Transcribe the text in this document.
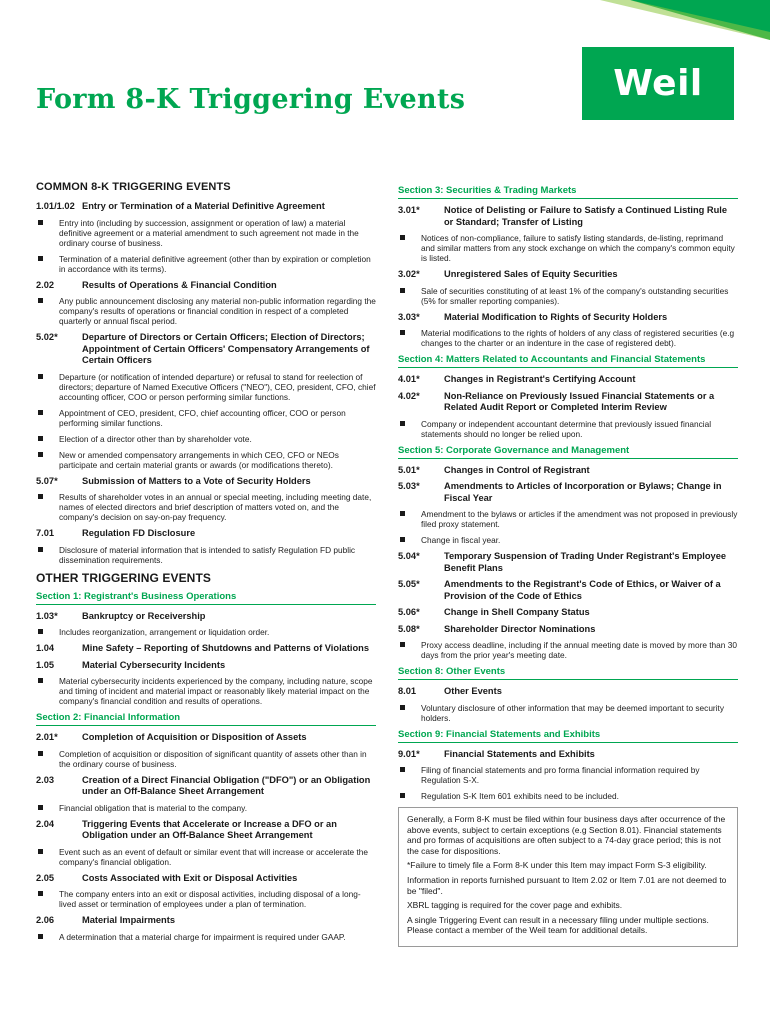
Weil
Form 8-K Triggering Events
COMMON 8-K TRIGGERING EVENTS
1.01/1.02 Entry or Termination of a Material Definitive Agreement
Entry into (including by succession, assignment or operation of law) a material definitive agreement or a material amendment to such agreement not made in the ordinary course of business.
Termination of a material definitive agreement (other than by expiration or completion in accordance with its terms).
2.02	Results of Operations & Financial Condition
Any public announcement disclosing any material non-public information regarding the company's results of operations or financial condition in respect of a completed quarterly or annual fiscal period.
5.02*	Departure of Directors or Certain Officers; Election of Directors; Appointment of Certain Officers' Compensatory Arrangements of Certain Officers
Departure (or notification of intended departure) or refusal to stand for reelection of directors; departure of Named Executive Officers ("NEO"), CEO, president, CFO, chief accounting officer, COO or person performing similar functions.
Appointment of CEO, president, CFO, chief accounting officer, COO or person performing similar functions.
Election of a director other than by shareholder vote.
New or amended compensatory arrangements in which CEO, CFO or NEOs participate and certain material grants or awards (or modifications thereto).
5.07*	Submission of Matters to a Vote of Security Holders
Results of shareholder votes in an annual or special meeting, including meeting date, names of elected directors and brief description of matters voted on, and the company's decision on say-on-pay frequency.
7.01	Regulation FD Disclosure
Disclosure of material information that is intended to satisfy Regulation FD public dissemination requirements.
OTHER TRIGGERING EVENTS
Section 1: Registrant's Business Operations
1.03*	Bankruptcy or Receivership
Includes reorganization, arrangement or liquidation order.
1.04	Mine Safety – Reporting of Shutdowns and Patterns of Violations
1.05	Material Cybersecurity Incidents
Material cybersecurity incidents experienced by the company, including nature, scope and timing of incident and material impact or reasonably likely material impact on the company's financial condition and results of operations.
Section 2: Financial Information
2.01*	Completion of Acquisition or Disposition of Assets
Completion of acquisition or disposition of significant quantity of assets other than in the ordinary course of business.
2.03	Creation of a Direct Financial Obligation ("DFO") or an Obligation under an Off-Balance Sheet Arrangement
Financial obligation that is material to the company.
2.04	Triggering Events that Accelerate or Increase a DFO or an Obligation under an Off-Balance Sheet Arrangement
Event such as an event of default or similar event that will increase or accelerate the company's financial obligation.
2.05	Costs Associated with Exit or Disposal Activities
The company enters into an exit or disposal activities, including disposal of a long-lived asset or termination of employees under a plan of termination.
2.06	Material Impairments
A determination that a material charge for impairment is required under GAAP.
Section 3: Securities & Trading Markets
3.01*	Notice of Delisting or Failure to Satisfy a Continued Listing Rule or Standard; Transfer of Listing
Notices of non-compliance, failure to satisfy listing standards, de-listing, reprimand and similar matters from any stock exchange on which the company's common equity is listed.
3.02*	Unregistered Sales of Equity Securities
Sale of securities constituting of at least 1% of the company's outstanding securities (5% for smaller reporting companies).
3.03*	Material Modification to Rights of Security Holders
Material modifications to the rights of holders of any class of registered securities (e.g changes to the charter or an indenture in the case of registered debt).
Section 4: Matters Related to Accountants and Financial Statements
4.01*	Changes in Registrant's Certifying Account
4.02*	Non-Reliance on Previously Issued Financial Statements or a Related Audit Report or Completed Interim Review
Company or independent accountant determine that previously issued financial statements should no longer be relied upon.
Section 5: Corporate Governance and Management
5.01*	Changes in Control of Registrant
5.03*	Amendments to Articles of Incorporation or Bylaws; Change in Fiscal Year
Amendment to the bylaws or articles if the amendment was not proposed in previously filed proxy statement.
Change in fiscal year.
5.04*	Temporary Suspension of Trading Under Registrant's Employee Benefit Plans
5.05*	Amendments to the Registrant's Code of Ethics, or Waiver of a Provision of the Code of Ethics
5.06*	Change in Shell Company Status
5.08*	Shareholder Director Nominations
Proxy access deadline, including if the annual meeting date is moved by more than 30 days from the prior year's meeting date.
Section 8: Other Events
8.01	Other Events
Voluntary disclosure of other information that may be deemed important to security holders.
Section 9: Financial Statements and Exhibits
9.01*	Financial Statements and Exhibits
Filing of financial statements and pro forma financial information required by Regulation S-X.
Regulation S-K Item 601 exhibits need to be included.

Generally, a Form 8-K must be filed within four business days after occurrence of the above events, subject to certain exceptions (e.g Section 8.01). Financial statements and pro formas of acquisitions are often subject to a 74-day grace period; this is not the case for dispositions.

*Failure to timely file a Form 8-K under this Item may impact Form S-3 eligibility.

Information in reports furnished pursuant to Item 2.02 or Item 7.01 are not deemed to be "filed".

XBRL tagging is required for the cover page and exhibits.

A single Triggering Event can result in a necessary filing under multiple sections. Please contact a member of the Weil team for additional details.
